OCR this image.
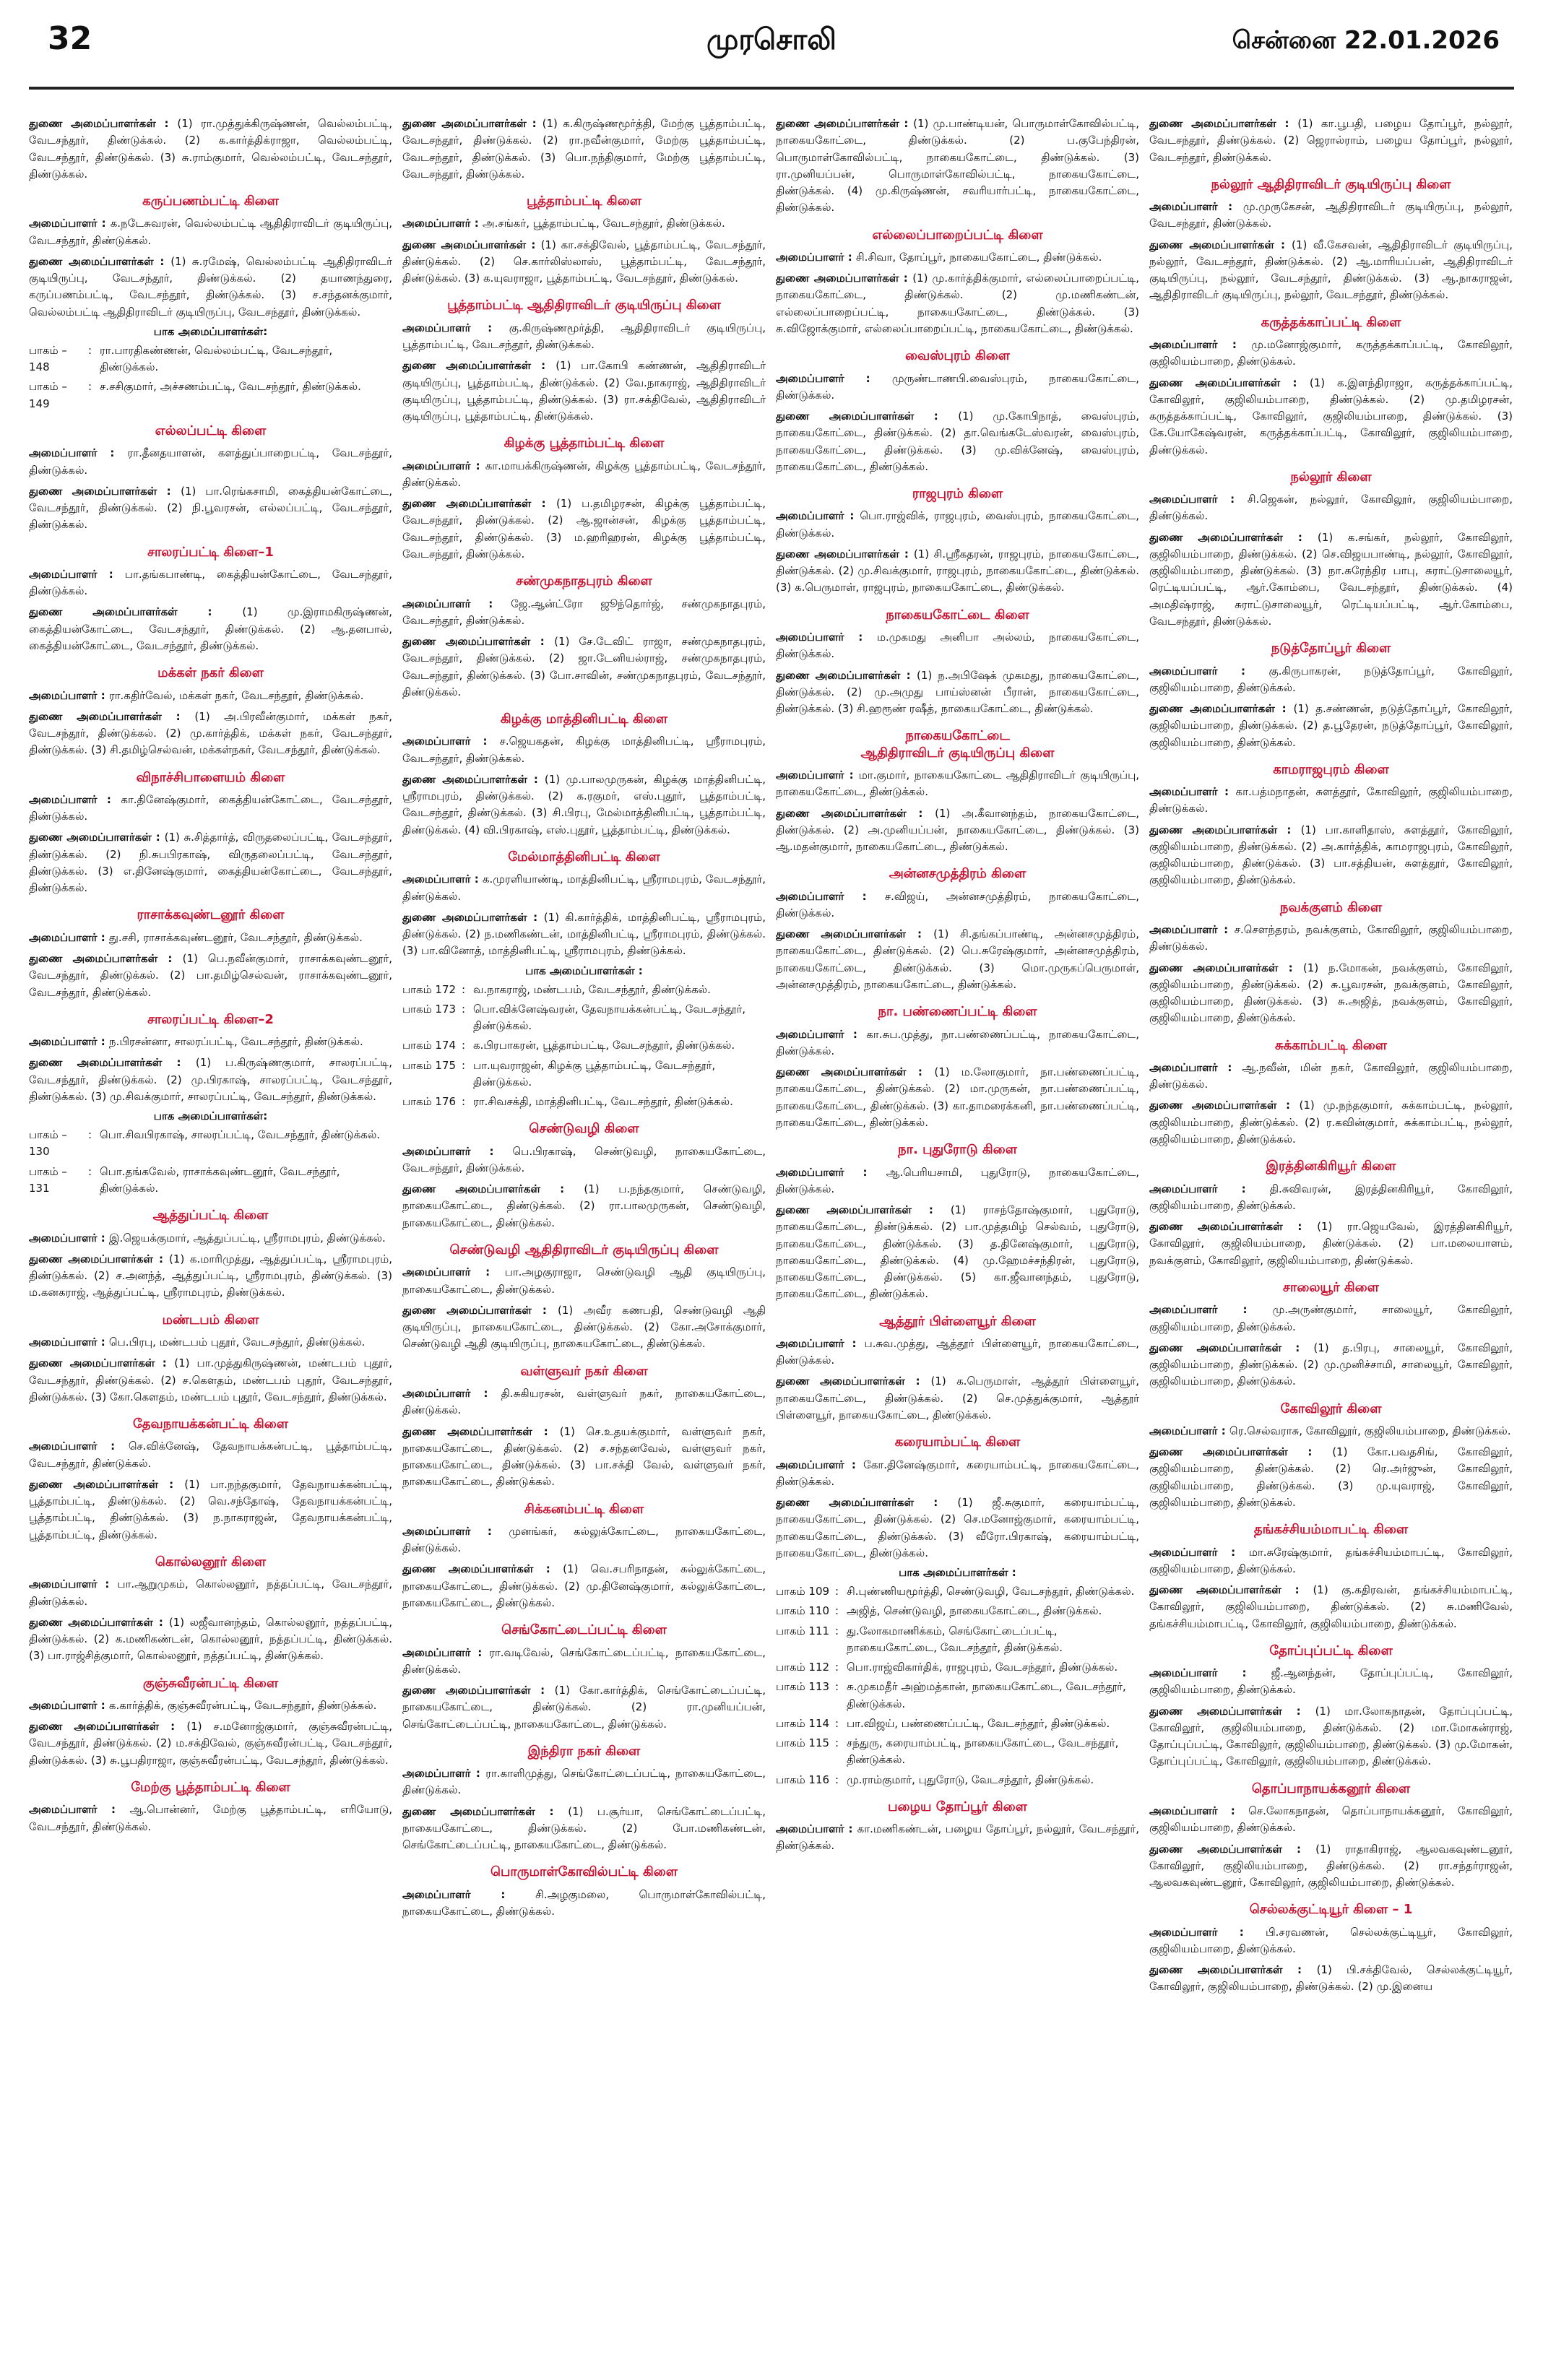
32	முரசொலி	சென்னை 22.01.2026
துணை அமைப்பாளர்கள் : (1) ரா.முத்துக்கிருஷ்ணன், வெல்லம்பட்டி, வேடசந்தூர், திண்டுக்கல். (2) க.கார்த்திக்ராஜா, வெல்லம்பட்டி, வேடசந்தூர், திண்டுக்கல். (3) சு.ராம்குமார், வெல்லம்பட்டி, வேடசந்தூர், திண்டுக்கல்.
கருப்பணம்பட்டி கிளை
அமைப்பாளர் : க.நடேசுவரன், வெல்லம்பட்டி ஆதிதிராவிடர் குடியிருப்பு, வேடசந்தூர், திண்டுக்கல்.
துணை அமைப்பாளர்கள் : (1) சு.ரமேஷ், வெல்லம்பட்டி ஆதிதிராவிடர் குடியிருப்பு, வேடசந்தூர், திண்டுக்கல். (2) தயாணந்துரை, கருப்பணம்பட்டி, வேடசந்தூர், திண்டுக்கல். (3) ச.சந்தனக்குமார், வெல்லம்பட்டி ஆதிதிராவிடர் குடியிருப்பு, வேடசந்தூர், திண்டுக்கல்.
பாக அமைப்பாளர்கள்:
பாகம் – 148
: ரா.பாரதிகண்ணன், வெல்லம்பட்டி, வேடசந்தூர், திண்டுக்கல்.
பாகம் – 149
: ச.சசிகுமார், அச்சணம்பட்டி, வேடசந்தூர், திண்டுக்கல்.
எல்லப்பட்டி கிளை
அமைப்பாளர் : ரா.தீனதயாளன், களத்துப்பாறைபட்டி, வேடசந்தூர், திண்டுக்கல்.
துணை அமைப்பாளர்கள் : (1) பா.ரெங்கசாமி, கைத்தியன்கோட்டை, வேடசந்தூர், திண்டுக்கல். (2) நி.பூவரசன், எல்லப்பட்டி, வேடசந்தூர், திண்டுக்கல்.
சாலரப்பட்டி கிளை–1
அமைப்பாளர் : பா.தங்கபாண்டி, கைத்தியன்கோட்டை, வேடசந்தூர், திண்டுக்கல்.
துணை அமைப்பாளர்கள் : (1) மு.இராமகிருஷ்ணன், கைத்தியன்கோட்டை, வேடசந்தூர், திண்டுக்கல். (2) ஆ.தனபால், கைத்தியன்கோட்டை, வேடசந்தூர், திண்டுக்கல்.
மக்கள் நகர் கிளை
அமைப்பாளர் : ரா.கதிர்வேல், மக்கள் நகர், வேடசந்தூர், திண்டுக்கல்.
துணை அமைப்பாளர்கள் : (1) அ.பிரவீன்குமார், மக்கள் நகர், வேடசந்தூர், திண்டுக்கல். (2) மு.கார்த்திக், மக்கள் நகர், வேடசந்தூர், திண்டுக்கல். (3) சி.தமிழ்செல்வன், மக்கள்நகர், வேடசந்தூர், திண்டுக்கல்.
விநாச்சிபாளையம் கிளை
அமைப்பாளர் : கா.தினேஷ்குமார், கைத்தியன்கோட்டை, வேடசந்தூர், திண்டுக்கல்.
துணை அமைப்பாளர்கள் : (1) சு.சித்தார்த், விருதலைப்பட்டி, வேடசந்தூர், திண்டுக்கல். (2) நி.சுபபிரகாஷ், விருதலைப்பட்டி, வேடசந்தூர், திண்டுக்கல். (3) எ.தினேஷ்குமார், கைத்தியன்கோட்டை, வேடசந்தூர், திண்டுக்கல்.
ராசாக்கவுண்டனூர் கிளை
அமைப்பாளர் : து.சசி, ராசாக்கவுண்டனூர், வேடசந்தூர், திண்டுக்கல்.
துணை அமைப்பாளர்கள் : (1) பெ.நவீன்குமார், ராசாக்கவுண்டனூர், வேடசந்தூர், திண்டுக்கல். (2) பா.தமிழ்செல்வன், ராசாக்கவுண்டனூர், வேடசந்தூர், திண்டுக்கல்.
சாலரப்பட்டி கிளை–2
அமைப்பாளர் : ந.பிரசன்னா, சாலரப்பட்டி, வேடசந்தூர், திண்டுக்கல்.
துணை அமைப்பாளர்கள் : (1) ப.கிருஷ்ணகுமார், சாலரப்பட்டி, வேடசந்தூர், திண்டுக்கல். (2) மு.பிரகாஷ், சாலரப்பட்டி, வேடசந்தூர், திண்டுக்கல். (3) மு.சிவக்குமார், சாலரப்பட்டி, வேடசந்தூர், திண்டுக்கல்.
பாக அமைப்பாளர்கள்:
பாகம் – 130
: பொ.சிவபிரகாஷ், சாலரப்பட்டி, வேடசந்தூர், திண்டுக்கல்.
பாகம் – 131
: பொ.தங்கவேல், ராசாக்கவுண்டனூர், வேடசந்தூர், திண்டுக்கல்.
ஆத்துப்பட்டி கிளை
அமைப்பாளர் : இ.ஜெயக்குமார், ஆத்துப்பட்டி, ஸ்ரீராமபுரம், திண்டுக்கல்.
துணை அமைப்பாளர்கள் : (1) க.மாரிமுத்து, ஆத்துப்பட்டி, ஸ்ரீராமபுரம், திண்டுக்கல். (2) ச.அனந்த், ஆத்துப்பட்டி, ஸ்ரீராமபுரம், திண்டுக்கல். (3) ம.கனகராஜ், ஆத்துப்பட்டி, ஸ்ரீராமபுரம், திண்டுக்கல்.
மண்டபம் கிளை
அமைப்பாளர் : பெ.பிரபு, மண்டபம் புதூர், வேடசந்தூர், திண்டுக்கல்.
துணை அமைப்பாளர்கள் : (1) பா.முத்துகிருஷ்ணன், மண்டபம் புதூர், வேடசந்தூர், திண்டுக்கல். (2) ச.கௌதம், மண்டபம் புதூர், வேடசந்தூர், திண்டுக்கல். (3) கோ.கௌதம், மண்டபம் புதூர், வேடசந்தூர், திண்டுக்கல்.
தேவநாயக்கன்பட்டி கிளை
அமைப்பாளர் : செ.விக்னேஷ், தேவநாயக்கன்பட்டி, பூத்தாம்பட்டி, வேடசந்தூர், திண்டுக்கல்.
துணை அமைப்பாளர்கள் : (1) பா.நந்தகுமார், தேவநாயக்கன்பட்டி, பூத்தாம்பட்டி, திண்டுக்கல். (2) வெ.சந்தோஷ், தேவநாயக்கன்பட்டி, பூத்தாம்பட்டி, திண்டுக்கல். (3) ந.நாகராஜன், தேவநாயக்கன்பட்டி, பூத்தாம்பட்டி, திண்டுக்கல்.
கொல்லனூர் கிளை
அமைப்பாளர் : பா.ஆறுமுகம், கொல்லனூர், நத்தப்பட்டி, வேடசந்தூர், திண்டுக்கல்.
துணை அமைப்பாளர்கள் : (1) லஜீவானந்தம், கொல்லனூர், நத்தப்பட்டி, திண்டுக்கல். (2) க.மணிகண்டன், கொல்லனூர், நத்தப்பட்டி, திண்டுக்கல். (3) பா.ராஜ்சித்குமார், கொல்லனூர், நத்தப்பட்டி, திண்டுக்கல்.
குஞ்சுவீரன்பட்டி கிளை
அமைப்பாளர் : க.கார்த்திக், குஞ்சுவீரன்பட்டி, வேடசந்தூர், திண்டுக்கல்.
துணை அமைப்பாளர்கள் : (1) ச.மனோஜ்குமார், குஞ்சுவீரன்பட்டி, வேடசந்தூர், திண்டுக்கல். (2) ம.சக்திவேல், குஞ்சுவீரன்பட்டி, வேடசந்தூர், திண்டுக்கல். (3) சு.பூபதிராஜா, குஞ்சுவீரன்பட்டி, வேடசந்தூர், திண்டுக்கல்.
மேற்கு பூத்தாம்பட்டி கிளை
அமைப்பாளர் : ஆ.பொன்னர், மேற்கு பூத்தாம்பட்டி, எரியோடு, வேடசந்தூர், திண்டுக்கல்.
துணை அமைப்பாளர்கள் : (1) க.கிருஷ்ணமூர்த்தி, மேற்கு பூத்தாம்பட்டி, வேடசந்தூர், திண்டுக்கல். (2) ரா.நவீன்குமார், மேற்கு பூத்தாம்பட்டி, வேடசந்தூர், திண்டுக்கல். (3) பொ.நந்திகுமார், மேற்கு பூத்தாம்பட்டி, வேடசந்தூர், திண்டுக்கல்.
பூத்தாம்பட்டி கிளை
அமைப்பாளர் : அ.சங்கர், பூத்தாம்பட்டி, வேடசந்தூர், திண்டுக்கல்.
துணை அமைப்பாளர்கள் : (1) கா.சக்திவேல், பூத்தாம்பட்டி, வேடசந்தூர், திண்டுக்கல். (2) செ.கார்லிஸ்லாஸ், பூத்தாம்பட்டி, வேடசந்தூர், திண்டுக்கல். (3) க.யுவராஜா, பூத்தாம்பட்டி, வேடசந்தூர், திண்டுக்கல்.
பூத்தாம்பட்டி ஆதிதிராவிடர் குடியிருப்பு கிளை
அமைப்பாளர் : கு.கிருஷ்ணமூர்த்தி, ஆதிதிராவிடர் குடியிருப்பு, பூத்தாம்பட்டி, வேடசந்தூர், திண்டுக்கல்.
துணை அமைப்பாளர்கள் : (1) பா.கோபி கண்ணன், ஆதிதிராவிடர் குடியிருப்பு, பூத்தாம்பட்டி, திண்டுக்கல். (2) வே.நாகராஜ், ஆதிதிராவிடர் குடியிருப்பு, பூத்தாம்பட்டி, திண்டுக்கல். (3) ரா.சக்திவேல், ஆதிதிராவிடர் குடியிருப்பு, பூத்தாம்பட்டி, திண்டுக்கல்.
கிழக்கு பூத்தாம்பட்டி கிளை
அமைப்பாளர் : கா.மாயக்கிருஷ்ணன், கிழக்கு பூத்தாம்பட்டி, வேடசந்தூர், திண்டுக்கல்.
துணை அமைப்பாளர்கள் : (1) ப.தமிழரசன், கிழக்கு பூத்தாம்பட்டி, வேடசந்தூர், திண்டுக்கல். (2) ஆ.ஜான்சன், கிழக்கு பூத்தாம்பட்டி, வேடசந்தூர், திண்டுக்கல். (3) ம.ஹரிஹரன், கிழக்கு பூத்தாம்பட்டி, வேடசந்தூர், திண்டுக்கல்.
சண்முகநாதபுரம் கிளை
அமைப்பாளர் : ஜே.ஆன்ட்ரோ ஜூந்தொர்ஜ், சண்முகநாதபுரம், வேடசந்தூர், திண்டுக்கல்.
துணை அமைப்பாளர்கள் : (1) சே.டேவிட் ராஜா, சண்முகநாதபுரம், வேடசந்தூர், திண்டுக்கல். (2) ஜா.டேனியல்ராஜ், சண்முகநாதபுரம், வேடசந்தூர், திண்டுக்கல். (3) போ.சாவின், சண்முகநாதபுரம், வேடசந்தூர், திண்டுக்கல்.
கிழக்கு மாத்தினிபட்டி கிளை
அமைப்பாளர் : ச.ஜெயகதன், கிழக்கு மாத்தினிபட்டி, ஸ்ரீராமபுரம், வேடசந்தூர், திண்டுக்கல்.
துணை அமைப்பாளர்கள் : (1) மு.பாலமுருகன், கிழக்கு மாத்தினிபட்டி, ஸ்ரீராமபுரம், திண்டுக்கல். (2) க.ரகுமர், எஸ்.புதூர், பூத்தாம்பட்டி, வேடசந்தூர், திண்டுக்கல். (3) சி.பிரபு, மேல்மாத்தினிபட்டி, பூத்தாம்பட்டி, திண்டுக்கல். (4) வி.பிரகாஷ், எஸ்.புதூர், பூத்தாம்பட்டி, திண்டுக்கல்.
மேல்மாத்தினிபட்டி கிளை
அமைப்பாளர் : க.முரளியாண்டி, மாத்தினிபட்டி, ஸ்ரீராமபுரம், வேடசந்தூர், திண்டுக்கல்.
துணை அமைப்பாளர்கள் : (1) கி.கார்த்திக், மாத்தினிபட்டி, ஸ்ரீராமபுரம், திண்டுக்கல். (2) ந.மணிகண்டன், மாத்தினிபட்டி, ஸ்ரீராமபுரம், திண்டுக்கல். (3) பா.வினோத், மாத்தினிபட்டி, ஸ்ரீராமபுரம், திண்டுக்கல்.
பாக அமைப்பாளர்கள் :
பாகம் 172 : வ.நாகராஜ், மண்டபம், வேடசந்தூர், திண்டுக்கல்.
பாகம் 173 : பொ.விக்னேஷ்வரன், தேவநாயக்கன்பட்டி, வேடசந்தூர், திண்டுக்கல்.
பாகம் 174 : க.பிரபாகரன், பூத்தாம்பட்டி, வேடசந்தூர், திண்டுக்கல்.
பாகம் 175 : பா.யுவராஜன், கிழக்கு பூத்தாம்பட்டி, வேடசந்தூர், திண்டுக்கல்.
பாகம் 176 : ரா.சிவசக்தி, மாத்தினிபட்டி, வேடசந்தூர், திண்டுக்கல்.
செண்டுவழி கிளை
அமைப்பாளர் : பெ.பிரகாஷ், செண்டுவழி, நாகையகோட்டை, வேடசந்தூர், திண்டுக்கல்.
துணை அமைப்பாளர்கள் : (1) ப.நந்தகுமார், செண்டுவழி, நாகையகோட்டை, திண்டுக்கல். (2) ரா.பாலமுருகன், செண்டுவழி, நாகையகோட்டை, திண்டுக்கல்.
செண்டுவழி ஆதிதிராவிடர் குடியிருப்பு கிளை
அமைப்பாளர் : பா.அழகுராஜா, செண்டுவழி ஆதி குடியிருப்பு, நாகையகோட்டை, திண்டுக்கல்.
துணை அமைப்பாளர்கள் : (1) அவீர கணபதி, செண்டுவழி ஆதி குடியிருப்பு, நாகையகோட்டை, திண்டுக்கல். (2) கோ.அசோக்குமார், செண்டுவழி ஆதி குடியிருப்பு, நாகையகோட்டை, திண்டுக்கல்.
வள்ளுவர் நகர் கிளை
அமைப்பாளர் : தி.சுகியரசன், வள்ளுவர் நகர், நாகையகோட்டை, திண்டுக்கல்.
துணை அமைப்பாளர்கள் : (1) செ.உதயக்குமார், வள்ளுவர் நகர், நாகையகோட்டை, திண்டுக்கல். (2) ச.சந்தனவேல், வள்ளுவர் நகர், நாகையகோட்டை, திண்டுக்கல். (3) பா.சக்தி வேல், வள்ளுவர் நகர், நாகையகோட்டை, திண்டுக்கல்.
சிக்கனம்பட்டி கிளை
அமைப்பாளர் : முனங்கர், கல்லுக்கோட்டை, நாகையகோட்டை, திண்டுக்கல்.
துணை அமைப்பாளர்கள் : (1) வெ.சபரிநாதன், கல்லுக்கோட்டை, நாகையகோட்டை, திண்டுக்கல். (2) மு.தினேஷ்குமார், கல்லுக்கோட்டை, நாகையகோட்டை, திண்டுக்கல்.
செங்கோட்டைப்பட்டி கிளை
அமைப்பாளர் : ரா.வடிவேல், செங்கோட்டைப்பட்டி, நாகையகோட்டை, திண்டுக்கல்.
துணை அமைப்பாளர்கள் : (1) கோ.கார்த்திக், செங்கோட்டைப்பட்டி, நாகையகோட்டை, திண்டுக்கல். (2) ரா.முனியப்பன், செங்கோட்டைப்பட்டி, நாகையகோட்டை, திண்டுக்கல்.
இந்திரா நகர் கிளை
அமைப்பாளர் : ரா.காளிமுத்து, செங்கோட்டைப்பட்டி, நாகையகோட்டை, திண்டுக்கல்.
துணை அமைப்பாளர்கள் : (1) ப.சூர்யா, செங்கோட்டைப்பட்டி, நாகையகோட்டை, திண்டுக்கல். (2) போ.மணிகண்டன், செங்கோட்டைப்பட்டி, நாகையகோட்டை, திண்டுக்கல்.
பொருமாள்கோவில்பட்டி கிளை
அமைப்பாளர் : சி.அழகுமலை, பொருமாள்கோவில்பட்டி, நாகையகோட்டை, திண்டுக்கல்.
துணை அமைப்பாளர்கள் : (1) மு.பாண்டியன், பொருமாள்கோவில்பட்டி, நாகையகோட்டை, திண்டுக்கல். (2) ப.குபேந்திரன், பொருமாள்கோவில்பட்டி, நாகையகோட்டை, திண்டுக்கல். (3) ரா.முனியப்பன், பொருமாள்கோவில்பட்டி, நாகையகோட்டை, திண்டுக்கல். (4) மு.கிருஷ்ணன், சவரியார்பட்டி, நாகையகோட்டை, திண்டுக்கல்.
எல்லைப்பாறைப்பட்டி கிளை
அமைப்பாளர் : சி.சிவா, தோப்பூர், நாகையகோட்டை, திண்டுக்கல்.
துணை அமைப்பாளர்கள் : (1) மு.கார்த்திக்குமார், எல்லைப்பாறைப்பட்டி, நாகையகோட்டை, திண்டுக்கல். (2) மு.மணிகண்டன், எல்லைப்பாறைப்பட்டி, நாகையகோட்டை, திண்டுக்கல். (3) சு.விஜோக்குமார், எல்லைப்பாறைப்பட்டி, நாகையகோட்டை, திண்டுக்கல்.
வைஸ்புரம் கிளை
அமைப்பாளர் : முருண்டாணபி.வைஸ்புரம், நாகையகோட்டை, திண்டுக்கல்.
துணை அமைப்பாளர்கள் : (1) மு.கோபிநாத், வைஸ்புரம், நாகையகோட்டை, திண்டுக்கல். (2) தா.வெங்கடேஸ்வரன், வைஸ்புரம், நாகையகோட்டை, திண்டுக்கல். (3) மு.விக்னேஷ், வைஸ்புரம், நாகையகோட்டை, திண்டுக்கல்.
ராஜபுரம் கிளை
அமைப்பாளர் : பொ.ராஜ்விக், ராஜபுரம், வைஸ்புரம், நாகையகோட்டை, திண்டுக்கல்.
துணை அமைப்பாளர்கள் : (1) சி.ஸ்ரீகதரன், ராஜபுரம், நாகையகோட்டை, திண்டுக்கல். (2) மு.சிவக்குமார், ராஜபுரம், நாகையகோட்டை, திண்டுக்கல். (3) க.பெருமாள், ராஜபுரம், நாகையகோட்டை, திண்டுக்கல்.
நாகையகோட்டை கிளை
அமைப்பாளர் : ம.முகமது அனிபா அல்லம், நாகையகோட்டை, திண்டுக்கல்.
துணை அமைப்பாளர்கள் : (1) ந.அபிஷேக் முகமது, நாகையகோட்டை, திண்டுக்கல். (2) மு.அமுது பாய்ஸ்னன் பீரான், நாகையகோட்டை, திண்டுக்கல். (3) சி.ஹரூண் ரஷீத், நாகையகோட்டை, திண்டுக்கல்.
நாகையகோட்டை
ஆதிதிராவிடர் குடியிருப்பு கிளை
அமைப்பாளர் : மா.குமார், நாகையகோட்டை ஆதிதிராவிடர் குடியிருப்பு, நாகையகோட்டை, திண்டுக்கல்.
துணை அமைப்பாளர்கள் : (1) அ.கீவானந்தம், நாகையகோட்டை, திண்டுக்கல். (2) அ.முனியப்பன், நாகையகோட்டை, திண்டுக்கல். (3) ஆ.மதன்குமார், நாகையகோட்டை, திண்டுக்கல்.
அன்னசமுத்திரம் கிளை
அமைப்பாளர் : ச.விஜய், அன்னசமுத்திரம், நாகையகோட்டை, திண்டுக்கல்.
துணை அமைப்பாளர்கள் : (1) சி.தங்கப்பாண்டி, அன்னசமுத்திரம், நாகையகோட்டை, திண்டுக்கல். (2) பெ.சுரேஷ்குமார், அன்னசமுத்திரம், நாகையகோட்டை, திண்டுக்கல். (3) மொ.முருகப்பெருமாள், அன்னசமுத்திரம், நாகையகோட்டை, திண்டுக்கல்.
நா. பண்ணைப்பட்டி கிளை
அமைப்பாளர் : கா.சுப.முத்து, நா.பண்ணைப்பட்டி, நாகையகோட்டை, திண்டுக்கல்.
துணை அமைப்பாளர்கள் : (1) ம.லோகுமார், நா.பண்ணைப்பட்டி, நாகையகோட்டை, திண்டுக்கல். (2) மா.முருகன், நா.பண்ணைப்பட்டி, நாகையகோட்டை, திண்டுக்கல். (3) கா.தாமரைக்கனி, நா.பண்ணைப்பட்டி, நாகையகோட்டை, திண்டுக்கல்.
நா. புதுரோடு கிளை
அமைப்பாளர் : ஆ.பெரியசாமி, புதுரோடு, நாகையகோட்டை, திண்டுக்கல்.
துணை அமைப்பாளர்கள் : (1) ராசந்தோஷ்குமார், புதுரோடு, நாகையகோட்டை, திண்டுக்கல். (2) பா.முத்தமிழ் செல்வம், புதுரோடு, நாகையகோட்டை, திண்டுக்கல். (3) த.தினேஷ்குமார், புதுரோடு, நாகையகோட்டை, திண்டுக்கல். (4) மு.ஹேமச்சந்திரன், புதுரோடு, நாகையகோட்டை, திண்டுக்கல். (5) கா.ஜீவானந்தம், புதுரோடு, நாகையகோட்டை, திண்டுக்கல்.
ஆத்தூர் பிள்ளையூர் கிளை
அமைப்பாளர் : ப.சுவ.முத்து, ஆத்தூர் பிள்ளையூர், நாகையகோட்டை, திண்டுக்கல்.
துணை அமைப்பாளர்கள் : (1) க.பெருமாள், ஆத்தூர் பிள்ளையூர், நாகையகோட்டை, திண்டுக்கல். (2) செ.முத்துக்குமார், ஆத்தூர் பிள்ளையூர், நாகையகோட்டை, திண்டுக்கல்.
கரையாம்பட்டி கிளை
அமைப்பாளர் : கோ.தினேஷ்குமார், கரையாம்பட்டி, நாகையகோட்டை, திண்டுக்கல்.
துணை அமைப்பாளர்கள் : (1) ஜீ.சுகுமார், கரையாம்பட்டி, நாகையகோட்டை, திண்டுக்கல். (2) செ.மனோஜ்குமார், கரையாம்பட்டி, நாகையகோட்டை, திண்டுக்கல். (3) வீரோ.பிரகாஷ், கரையாம்பட்டி, நாகையகோட்டை, திண்டுக்கல்.
பாக அமைப்பாளர்கள் :
பாகம் 109 : சி.புண்ணியமூர்த்தி, செண்டுவழி, வேடசந்தூர், திண்டுக்கல்.
பாகம் 110 : அஜித், செண்டுவழி, நாகையகோட்டை, திண்டுக்கல்.
பாகம் 111 : து.லோகமாணிக்கம், செங்கோட்டைப்பட்டி, நாகையகோட்டை, வேடசந்தூர், திண்டுக்கல்.
பாகம் 112 : பொ.ராஜ்விகார்திக், ராஜபுரம், வேடசந்தூர், திண்டுக்கல்.
பாகம் 113 : சு.முகமதீர் அஹ்மத்கான், நாகையகோட்டை, வேடசந்தூர், திண்டுக்கல்.
பாகம் 114 : பா.விஜய், பண்ணைப்பட்டி, வேடசந்தூர், திண்டுக்கல்.
பாகம் 115 : சந்துரு, கரையாம்பட்டி, நாகையகோட்டை, வேடசந்தூர், திண்டுக்கல்.
பாகம் 116 : மு.ராம்குமார், புதுரோடு, வேடசந்தூர், திண்டுக்கல்.
பழைய தோப்பூர் கிளை
அமைப்பாளர் : கா.மணிகண்டன், பழைய தோப்பூர், நல்லூர், வேடசந்தூர், திண்டுக்கல்.
துணை அமைப்பாளர்கள் : (1) கா.பூபதி, பழைய தோப்பூர், நல்லூர், வேடசந்தூர், திண்டுக்கல். (2) ஜெரால்ராம், பழைய தோப்பூர், நல்லூர், வேடசந்தூர், திண்டுக்கல்.
நல்லூர் ஆதிதிராவிடர் குடியிருப்பு கிளை
அமைப்பாளர் : மு.முருகேசன், ஆதிதிராவிடர் குடியிருப்பு, நல்லூர், வேடசந்தூர், திண்டுக்கல்.
துணை அமைப்பாளர்கள் : (1) வீ.கேசவன், ஆதிதிராவிடர் குடியிருப்பு, நல்லூர், வேடசந்தூர், திண்டுக்கல். (2) ஆ.மாரியப்பன், ஆதிதிராவிடர் குடியிருப்பு, நல்லூர், வேடசந்தூர், திண்டுக்கல். (3) ஆ.நாகராஜன், ஆதிதிராவிடர் குடியிருப்பு, நல்லூர், வேடசந்தூர், திண்டுக்கல்.
கருத்தக்காப்பட்டி கிளை
அமைப்பாளர் : மு.மனோஜ்குமார், கருத்தக்காப்பட்டி, கோவிலூர், குஜிலியம்பாறை, திண்டுக்கல்.
துணை அமைப்பாளர்கள் : (1) க.இளந்திராஜா, கருத்தக்காப்பட்டி, கோவிலூர், குஜிலியம்பாறை, திண்டுக்கல். (2) மு.தமிழரசன், கருத்தக்காப்பட்டி, கோவிலூர், குஜிலியம்பாறை, திண்டுக்கல். (3) கே.யோகேஷ்வரன், கருத்தக்காப்பட்டி, கோவிலூர், குஜிலியம்பாறை, திண்டுக்கல்.
நல்லூர் கிளை
அமைப்பாளர் : சி.ஜெகன், நல்லூர், கோவிலூர், குஜிலியம்பாறை, திண்டுக்கல்.
துணை அமைப்பாளர்கள் : (1) க.சங்கர், நல்லூர், கோவிலூர், குஜிலியம்பாறை, திண்டுக்கல். (2) செ.விஜயபாண்டி, நல்லூர், கோவிலூர், குஜிலியம்பாறை, திண்டுக்கல். (3) நா.சுரேந்திர பாபு, சுராட்டுசாலையூர், ரெட்டியப்பட்டி, ஆர்.கோம்பை, வேடசந்தூர், திண்டுக்கல். (4) அமதிஷ்ராஜ், சுராட்டுசாலையூர், ரெட்டியப்பட்டி, ஆர்.கோம்பை, வேடசந்தூர், திண்டுக்கல்.
நடுத்தோப்பூர் கிளை
அமைப்பாளர் : கு.கிருபாகரன், நடுத்தோப்பூர், கோவிலூர், குஜிலியம்பாறை, திண்டுக்கல்.
துணை அமைப்பாளர்கள் : (1) த.சண்ணன், நடுத்தோப்பூர், கோவிலூர், குஜிலியம்பாறை, திண்டுக்கல். (2) த.பூதேரன், நடுத்தோப்பூர், கோவிலூர், குஜிலியம்பாறை, திண்டுக்கல்.
காமராஜபுரம் கிளை
அமைப்பாளர் : கா.பத்மநாதன், சுளத்தூர், கோவிலூர், குஜிலியம்பாறை, திண்டுக்கல்.
துணை அமைப்பாளர்கள் : (1) பா.காளிதாஸ், சுளத்தூர், கோவிலூர், குஜிலியம்பாறை, திண்டுக்கல். (2) அ.கார்த்திக், காமராஜபுரம், கோவிலூர், குஜிலியம்பாறை, திண்டுக்கல். (3) பா.சத்தியன், சுளத்தூர், கோவிலூர், குஜிலியம்பாறை, திண்டுக்கல்.
நவக்குளம் கிளை
அமைப்பாளர் : ச.சௌந்தரம், நவக்குளம், கோவிலூர், குஜிலியம்பாறை, திண்டுக்கல்.
துணை அமைப்பாளர்கள் : (1) ந.மோகன், நவக்குளம், கோவிலூர், குஜிலியம்பாறை, திண்டுக்கல். (2) சு.பூவரசன், நவக்குளம், கோவிலூர், குஜிலியம்பாறை, திண்டுக்கல். (3) சு.அஜித், நவக்குளம், கோவிலூர், குஜிலியம்பாறை, திண்டுக்கல்.
சுக்காம்பட்டி கிளை
அமைப்பாளர் : ஆ.நவீன், மின் நகர், கோவிலூர், குஜிலியம்பாறை, திண்டுக்கல்.
துணை அமைப்பாளர்கள் : (1) மு.நந்தகுமார், சுக்காம்பட்டி, நல்லூர், குஜிலியம்பாறை, திண்டுக்கல். (2) ர.கவின்குமார், சுக்காம்பட்டி, நல்லூர், குஜிலியம்பாறை, திண்டுக்கல்.
இரத்தினகிரியூர் கிளை
அமைப்பாளர் : தி.சுவிவரன், இரத்தினகிரியூர், கோவிலூர், குஜிலியம்பாறை, திண்டுக்கல்.
துணை அமைப்பாளர்கள் : (1) ரா.ஜெயவேல், இரத்தினகிரியூர், கோவிலூர், குஜிலியம்பாறை, திண்டுக்கல். (2) பா.மலையாளம், நவக்குளம், கோவிலூர், குஜிலியம்பாறை, திண்டுக்கல்.
சாலையூர் கிளை
அமைப்பாளர் : மு.அருண்குமார், சாலையூர், கோவிலூர், குஜிலியம்பாறை, திண்டுக்கல்.
துணை அமைப்பாளர்கள் : (1) த.பிரபு, சாலையூர், கோவிலூர், குஜிலியம்பாறை, திண்டுக்கல். (2) மு.முனிச்சாமி, சாலையூர், கோவிலூர், குஜிலியம்பாறை, திண்டுக்கல்.
கோவிலூர் கிளை
அமைப்பாளர் : ரெ.செல்வராசு, கோவிலூர், குஜிலியம்பாறை, திண்டுக்கல்.
துணை அமைப்பாளர்கள் : (1) கோ.பவதசிங், கோவிலூர், குஜிலியம்பாறை, திண்டுக்கல். (2) ரெ.அர்ஜுன், கோவிலூர், குஜிலியம்பாறை, திண்டுக்கல். (3) மு.யுவராஜ், கோவிலூர், குஜிலியம்பாறை, திண்டுக்கல்.
தங்கச்சியம்மாபட்டி கிளை
அமைப்பாளர் : மா.சுரேஷ்குமார், தங்கச்சியம்மாபட்டி, கோவிலூர், குஜிலியம்பாறை, திண்டுக்கல்.
துணை அமைப்பாளர்கள் : (1) கு.கதிரவன், தங்கச்சியம்மாபட்டி, கோவிலூர், குஜிலியம்பாறை, திண்டுக்கல். (2) சு.மணிவேல், தங்கச்சியம்மாபட்டி, கோவிலூர், குஜிலியம்பாறை, திண்டுக்கல்.
தோப்புப்பட்டி கிளை
அமைப்பாளர் : ஜீ.ஆனந்தன், தோப்புப்பட்டி, கோவிலூர், குஜிலியம்பாறை, திண்டுக்கல்.
துணை அமைப்பாளர்கள் : (1) மா.லோகநாதன், தோப்புப்பட்டி, கோவிலூர், குஜிலியம்பாறை, திண்டுக்கல். (2) மா.மோகன்ராஜ், தோப்புப்பட்டி, கோவிலூர், குஜிலியம்பாறை, திண்டுக்கல். (3) மு.மோகன், தோப்புப்பட்டி, கோவிலூர், குஜிலியம்பாறை, திண்டுக்கல்.
தொப்பாநாயக்கனூர் கிளை
அமைப்பாளர் : செ.லோகநாதன், தொப்பாநாயக்கனூர், கோவிலூர், குஜிலியம்பாறை, திண்டுக்கல்.
துணை அமைப்பாளர்கள் : (1) ராதாகிராஜ், ஆலவகவுண்டனூர், கோவிலூர், குஜிலியம்பாறை, திண்டுக்கல். (2) ரா.சந்தர்ராஜன், ஆலவகவுண்டனூர், கோவிலூர், குஜிலியம்பாறை, திண்டுக்கல்.
செல்லக்குட்டியூர் கிளை – 1
அமைப்பாளர் : பி.சரவணன், செல்லக்குட்டியூர், கோவிலூர், குஜிலியம்பாறை, திண்டுக்கல்.
துணை அமைப்பாளர்கள் : (1) பி.சக்திவேல், செல்லக்குட்டியூர், கோவிலூர், குஜிலியம்பாறை, திண்டுக்கல். (2) மு.இனைய
